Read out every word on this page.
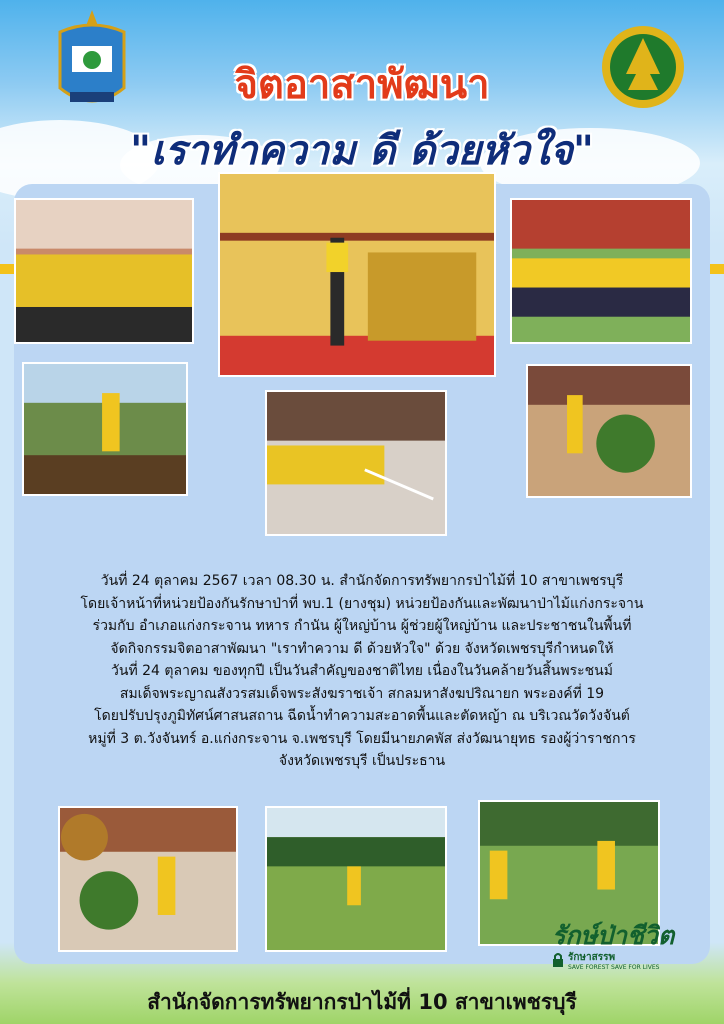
จิตอาสาพัฒนา
"เราทำความ ดี ด้วยหัวใจ"
วันที่ 24 ตุลาคม 2567 เวลา 08.30 น. สำนักจัดการทรัพยากรป่าไม้ที่ 10 สาขาเพชรบุรี
โดยเจ้าหน้าที่หน่วยป้องกันรักษาป่าที่ พบ.1 (ยางชุม) หน่วยป้องกันและพัฒนาป่าไม้แก่งกระจาน
ร่วมกับ อำเภอแก่งกระจาน ทหาร กำนัน ผู้ใหญ่บ้าน ผู้ช่วยผู้ใหญ่บ้าน และประชาชนในพื้นที่
จัดกิจกรรมจิตอาสาพัฒนา "เราทำความ ดี ด้วยหัวใจ" ด้วย จังหวัดเพชรบุรีกำหนดให้
วันที่ 24 ตุลาคม ของทุกปี เป็นวันสำคัญของชาติไทย เนื่องในวันคล้ายวันสิ้นพระชนม์
สมเด็จพระญาณสังวรสมเด็จพระสังฆราชเจ้า สกลมหาสังฆปริณายก พระองค์ที่ 19
โดยปรับปรุงภูมิทัศน์ศาสนสถาน ฉีดน้ำทำความสะอาดพื้นและตัดหญ้า ณ บริเวณวัดวังจันต์
หมู่ที่ 3 ต.วังจันทร์ อ.แก่งกระจาน จ.เพชรบุรี โดยมีนายภคพัส ส่งวัฒนายุทธ รองผู้ว่าราชการ
จังหวัดเพชรบุรี เป็นประธาน
รักษ์ป่าชีวิต
รักษาสรรพ
SAVE FOREST SAVE FOR LIVES
สำนักจัดการทรัพยากรป่าไม้ที่ 10 สาขาเพชรบุรี
